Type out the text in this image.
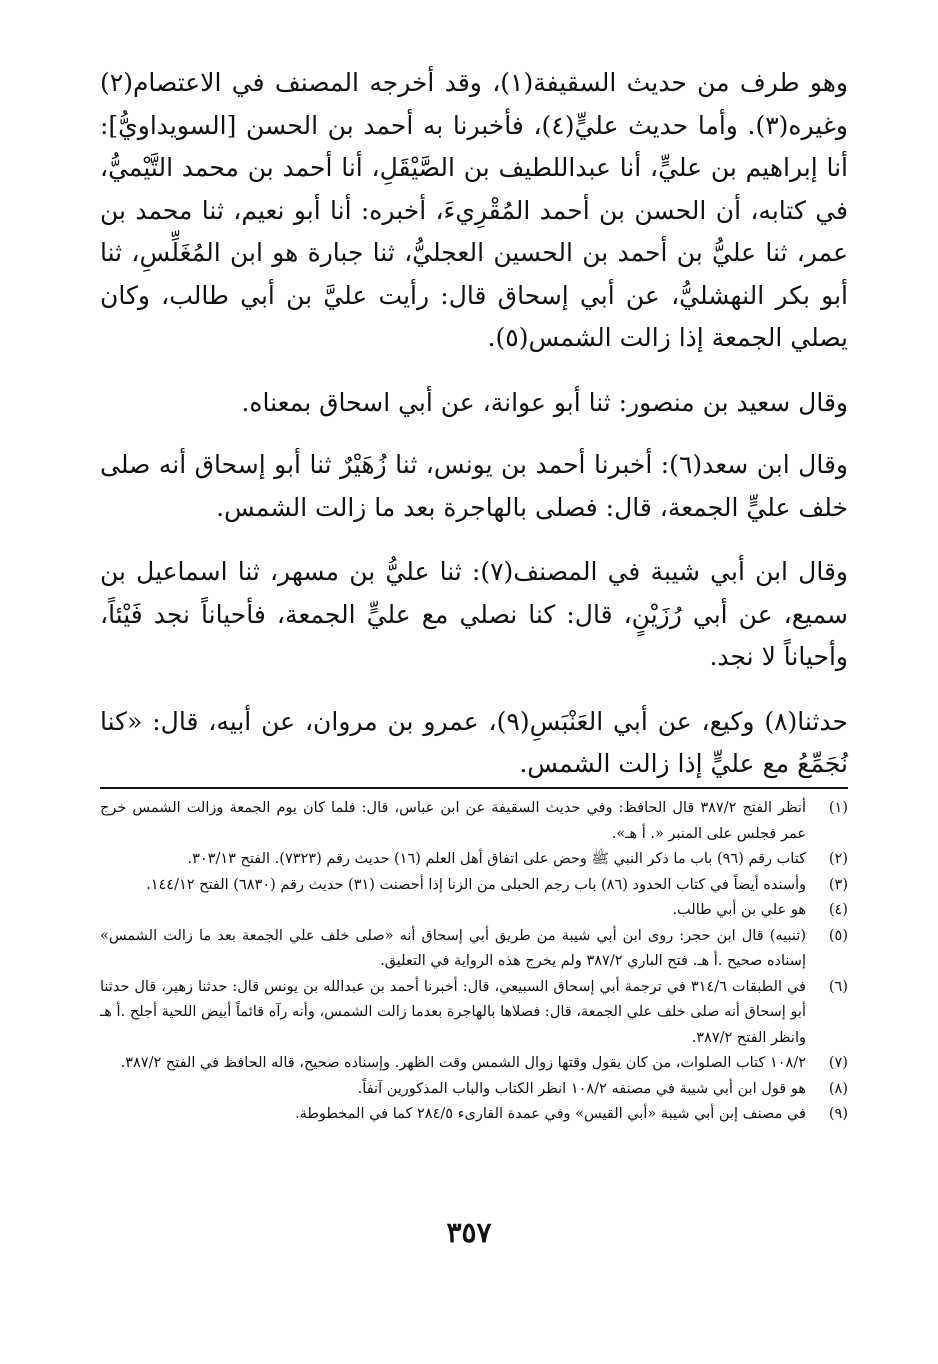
وهو طرف من حديث السقيفة(١)، وقد أخرجه المصنف في الاعتصام(٢) وغيره(٣). وأما حديث عليٍّ(٤)، فأخبرنا به أحمد بن الحسن [السويداويُّ]: أنا إبراهيم بن عليٍّ، أنا عبداللطيف بن الصَّيْقَلِ، أنا أحمد بن محمد التَّيْميُّ، في كتابه، أن الحسن بن أحمد المُقْرِيءَ، أخبره: أنا أبو نعيم، ثنا محمد بن عمر، ثنا عليُّ بن أحمد بن الحسين العجليُّ، ثنا جبارة هو ابن المُغَلِّسِ، ثنا أبو بكر النهشليُّ، عن أبي إسحاق قال: رأيت عليَّ بن أبي طالب، وكان يصلي الجمعة إذا زالت الشمس(٥).

وقال سعيد بن منصور: ثنا أبو عوانة، عن أبي اسحاق بمعناه.

وقال ابن سعد(٦): أخبرنا أحمد بن يونس، ثنا زُهَيْرٌ ثنا أبو إسحاق أنه صلى خلف عليٍّ الجمعة، قال: فصلى بالهاجرة بعد ما زالت الشمس.

وقال ابن أبي شيبة في المصنف(٧): ثنا عليُّ بن مسهر، ثنا اسماعيل بن سميع، عن أبي رُزَيْنٍ، قال: كنا نصلي مع عليٍّ الجمعة، فأحياناً نجد فَيْئاً، وأحياناً لا نجد.

حدثنا(٨) وكيع، عن أبي العَنْبَسِ(٩)، عمرو بن مروان، عن أبيه، قال: «كنا نُجَمِّعُ مع عليٍّ إذا زالت الشمس.

(١)
أنظر الفتح ٣٨٧/٢ قال الحافظ: وفي حديث السقيفة عن ابن عباس، قال: فلما كان يوم الجمعة وزالت الشمس خرج عمر فجلس على المنبر «. أ هـ».
(٢)
كتاب رقم (٩٦) باب ما ذكر النبي ﷺ وحض على اتفاق أهل العلم (١٦) حديث رقم (٧٣٢٣). الفتح ٣٠٣/١٣.
(٣)
وأسنده أيضاً في كتاب الحدود (٨٦) باب رجم الحبلى من الزنا إذا أحصنت (٣١) حديث رقم (٦٨٣٠) الفتح ١٤٤/١٢.
(٤)
هو علي بن أبي طالب.
(٥)
(تنبيه) قال ابن حجر: روى ابن أبي شيبة من طريق أبي إسحاق أنه «صلى خلف علي الجمعة بعد ما زالت الشمس» إسناده صحيح .أ هـ. فتح الباري ٣٨٧/٢ ولم يخرج هذه الرواية في التعليق.
(٦)
في الطبقات ٣١٤/٦ في ترجمة أبي إسحاق السبيعي، قال: أخبرنا أحمد بن عبدالله بن يونس قال: حدثنا زهير، قال حدثنا أبو إسحاق أنه صلى خلف علي الجمعة، قال: فصلاها بالهاجرة بعدما زالت الشمس، وأنه رآه قائماً أبيض اللحية أجلح .أ هـ وانظر الفتح ٣٨٧/٢.
(٧)
١٠٨/٢ كتاب الصلوات، من كان يقول وقتها زوال الشمس وقت الظهر. وإسناده صحيح، قاله الحافظ في الفتح ٣٨٧/٢.
(٨)
هو قول ابن أبي شيبة في مصنفه ١٠٨/٢ انظر الكتاب والباب المذكورين آنفاً.
(٩)
في مصنف إبن أبي شيبة «أبي القيس» وفي عمدة القارىء ٢٨٤/٥ كما في المخطوطة.
٣٥٧
